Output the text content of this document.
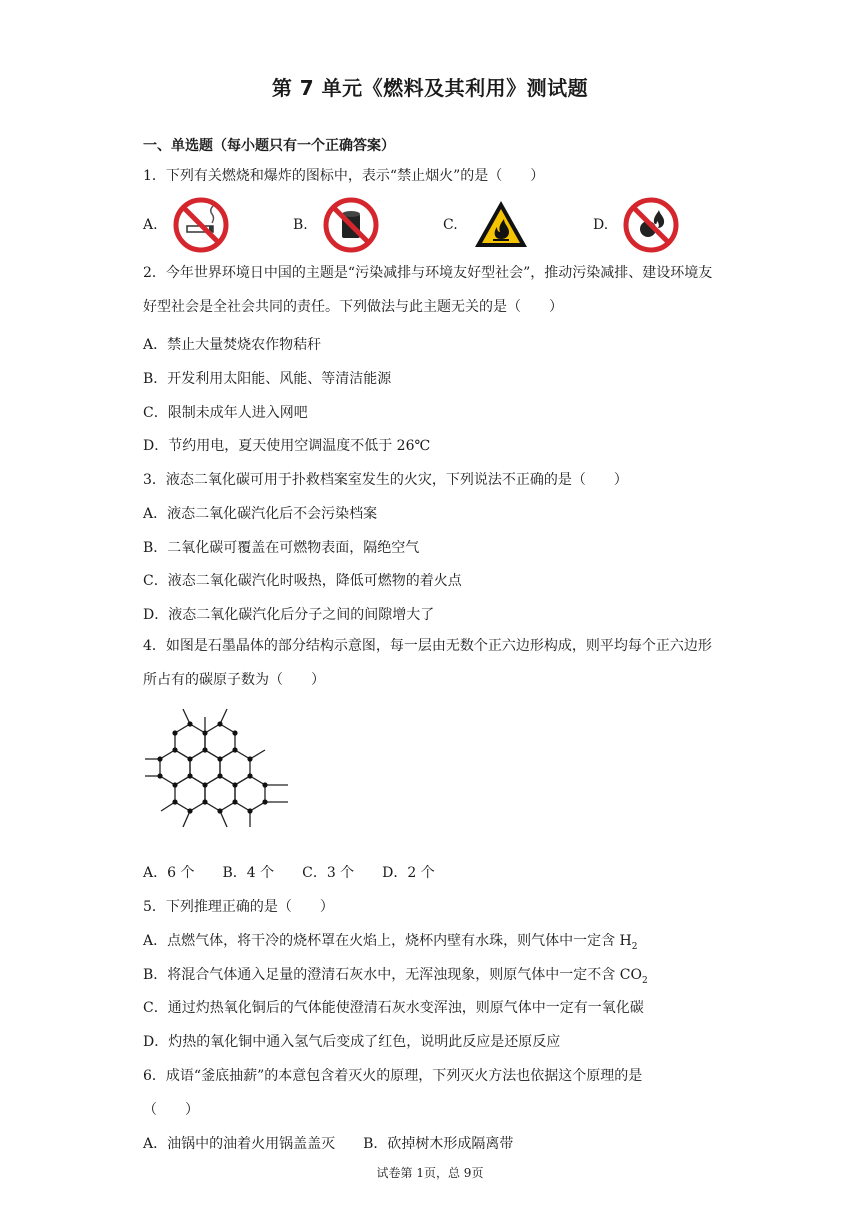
第 7 单元《燃料及其利用》测试题
一、单选题（每小题只有一个正确答案）
1．下列有关燃烧和爆炸的图标中，表示“禁止烟火”的是（　　）
A.	B.	C.	D.
2．今年世界环境日中国的主题是“污染减排与环境友好型社会”，推动污染减排、建设环境友好型社会是全社会共同的责任。下列做法与此主题无关的是（　　）
A．禁止大量焚烧农作物秸秆
B．开发利用太阳能、风能、等清洁能源
C．限制未成年人进入网吧
D．节约用电，夏天使用空调温度不低于 26℃
3．液态二氧化碳可用于扑救档案室发生的火灾，下列说法不正确的是（　　）
A．液态二氧化碳汽化后不会污染档案
B．二氧化碳可覆盖在可燃物表面，隔绝空气
C．液态二氧化碳汽化时吸热，降低可燃物的着火点
D．液态二氧化碳汽化后分子之间的间隙增大了
4．如图是石墨晶体的部分结构示意图，每一层由无数个正六边形构成，则平均每个正六边形所占有的碳原子数为（　　）
A．6 个　　B．4 个　　C．3 个　　D．2 个
5．下列推理正确的是（　　）
A．点燃气体，将干冷的烧杯罩在火焰上，烧杯内壁有水珠，则气体中一定含 $H_2$
B．将混合气体通入足量的澄清石灰水中，无浑浊现象，则原气体中一定不含 $CO_2$
C．通过灼热氧化铜后的气体能使澄清石灰水变浑浊，则原气体中一定有一氧化碳
D．灼热的氧化铜中通入氢气后变成了红色，说明此反应是还原反应
6．成语“釜底抽薪”的本意包含着灭火的原理，下列灭火方法也依据这个原理的是
（　　）
A．油锅中的油着火用锅盖盖灭　　B．砍掉树木形成隔离带
试卷第 1页，总 9页
